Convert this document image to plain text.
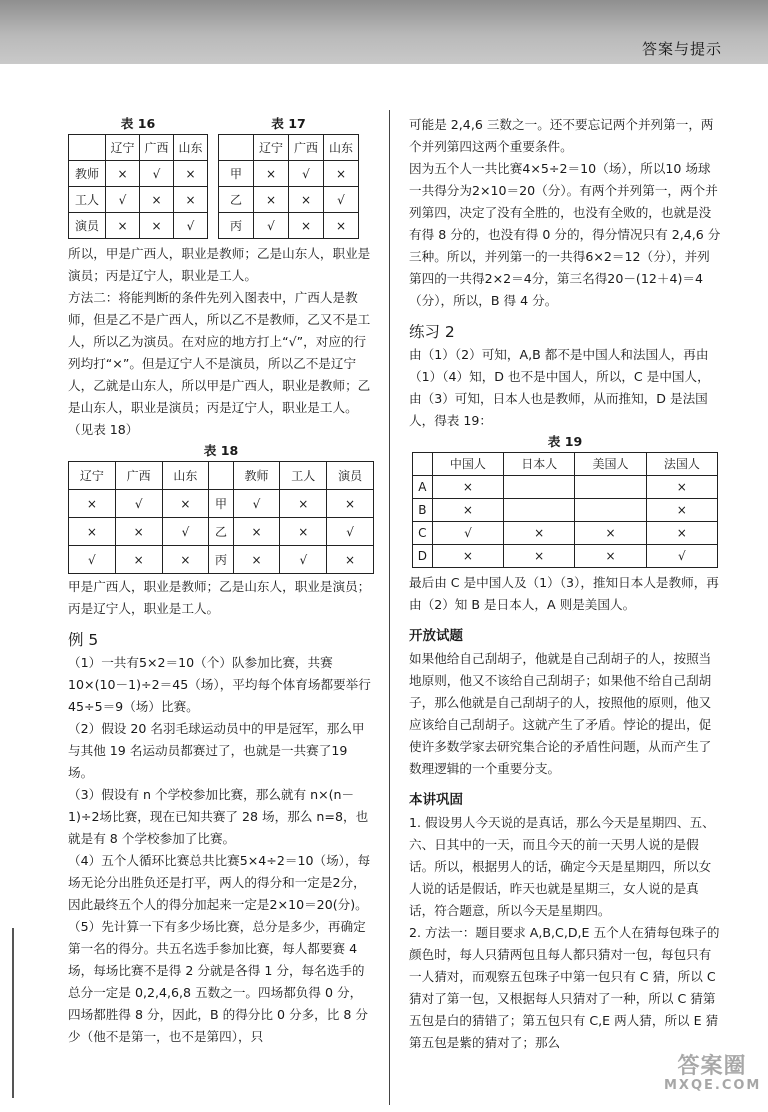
答案与提示
表 16
	辽宁	广西	山东
教师	×	√	×
工人	√	×	×
演员	×	×	√
表 17
	辽宁	广西	山东
甲	×	√	×
乙	×	×	√
丙	√	×	×

所以，甲是广西人，职业是教师；乙是山东人，职业是演员；丙是辽宁人，职业是工人。

方法二：将能判断的条件先列入图表中，广西人是教师，但是乙不是广西人，所以乙不是教师，乙又不是工人，所以乙为演员。在对应的地方打上“√”，对应的行列均打“×”。但是辽宁人不是演员，所以乙不是辽宁人，乙就是山东人，所以甲是广西人，职业是教师；乙是山东人，职业是演员；丙是辽宁人，职业是工人。（见表 18）

表 18
辽宁	广西	山东		教师	工人	演员
×	√	×	甲	√	×	×
×	×	√	乙	×	×	√
√	×	×	丙	×	√	×

甲是广西人，职业是教师；乙是山东人，职业是演员；丙是辽宁人，职业是工人。

例 5

（1）一共有5×2＝10（个）队参加比赛，共赛10×(10－1)÷2＝45（场），平均每个体育场都要举行45÷5＝9（场）比赛。

（2）假设 20 名羽毛球运动员中的甲是冠军，那么甲与其他 19 名运动员都赛过了，也就是一共赛了19 场。

（3）假设有 n 个学校参加比赛，那么就有 n×(n－1)÷2场比赛，现在已知共赛了 28 场，那么 n=8，也就是有 8 个学校参加了比赛。

（4）五个人循环比赛总共比赛5×4÷2＝10（场），每场无论分出胜负还是打平，两人的得分和一定是2分，因此最终五个人的得分加起来一定是2×10＝20(分)。

（5）先计算一下有多少场比赛，总分是多少，再确定第一名的得分。共五名选手参加比赛，每人都要赛 4 场，每场比赛不是得 2 分就是各得 1 分，每名选手的总分一定是 0,2,4,6,8 五数之一。四场都负得 0 分，四场都胜得 8 分，因此，B 的得分比 0 分多，比 8 分少（他不是第一，也不是第四），只

可能是 2,4,6 三数之一。还不要忘记两个并列第一，两个并列第四这两个重要条件。

因为五个人一共比赛4×5÷2＝10（场），所以10 场球一共得分为2×10＝20（分）。有两个并列第一，两个并列第四，决定了没有全胜的，也没有全败的，也就是没有得 8 分的，也没有得 0 分的，得分情况只有 2,4,6 分三种。所以，并列第一的一共得6×2＝12（分），并列第四的一共得2×2＝4分，第三名得20－(12＋4)＝4（分），所以，B 得 4 分。

练习 2

由（1）（2）可知，A,B 都不是中国人和法国人，再由（1）（4）知，D 也不是中国人，所以，C 是中国人，由（3）可知，日本人也是教师，从而推知，D 是法国人，得表 19：

表 19
	中国人	日本人	美国人	法国人
A	×			×
B	×			×
C	√	×	×	×
D	×	×	×	√

最后由 C 是中国人及（1）（3），推知日本人是教师，再由（2）知 B 是日本人，A 则是美国人。

开放试题

如果他给自己刮胡子，他就是自己刮胡子的人，按照当地原则，他又不该给自己刮胡子；如果他不给自己刮胡子，那么他就是自己刮胡子的人，按照他的原则，他又应该给自己刮胡子。这就产生了矛盾。悖论的提出，促使许多数学家去研究集合论的矛盾性问题，从而产生了数理逻辑的一个重要分支。

本讲巩固

1. 假设男人今天说的是真话，那么今天是星期四、五、六、日其中的一天，而且今天的前一天男人说的是假话。所以，根据男人的话，确定今天是星期四，所以女人说的话是假话，昨天也就是星期三，女人说的是真话，符合题意，所以今天是星期四。

2. 方法一：题目要求 A,B,C,D,E 五个人在猜每包珠子的颜色时，每人只猜两包且每人都只猜对一包，每包只有一人猜对，而观察五包珠子中第一包只有 C 猜，所以 C 猜对了第一包，又根据每人只猜对了一种，所以 C 猜第五包是白的猜错了；第五包只有 C,E 两人猜，所以 E 猜第五包是紫的猜对了；那么

答案圈
MXQE.COM
